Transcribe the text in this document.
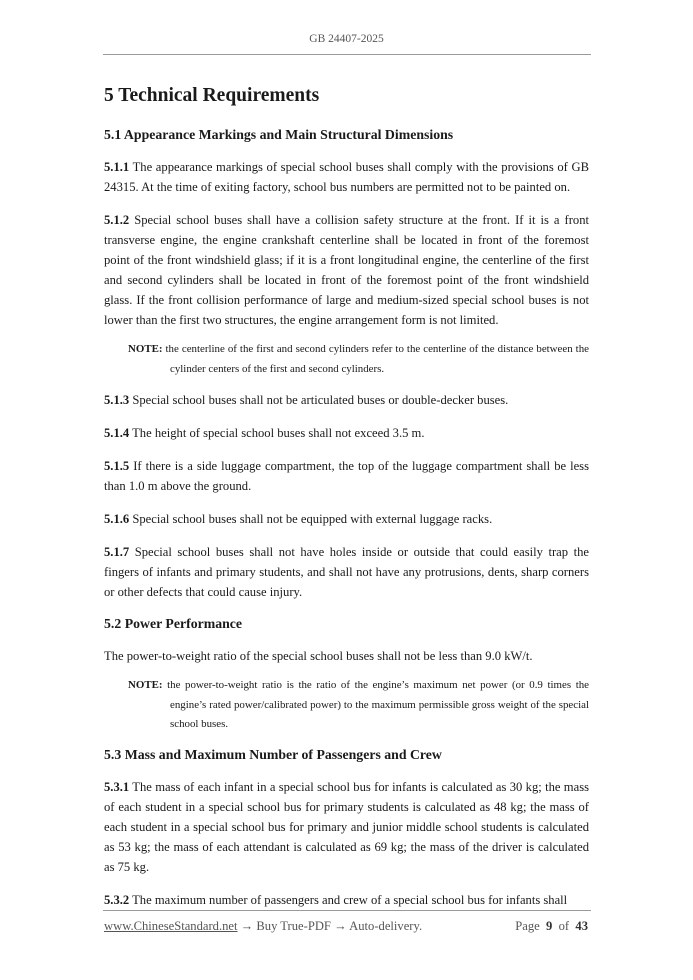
GB 24407-2025
5 Technical Requirements
5.1 Appearance Markings and Main Structural Dimensions

5.1.1 The appearance markings of special school buses shall comply with the provisions of GB 24315. At the time of exiting factory, school bus numbers are permitted not to be painted on.

5.1.2 Special school buses shall have a collision safety structure at the front. If it is a front transverse engine, the engine crankshaft centerline shall be located in front of the foremost point of the front windshield glass; if it is a front longitudinal engine, the centerline of the first and second cylinders shall be located in front of the foremost point of the front windshield glass. If the front collision performance of large and medium-sized special school buses is not lower than the first two structures, the engine arrangement form is not limited.

NOTE: the centerline of the first and second cylinders refer to the centerline of the distance between the cylinder centers of the first and second cylinders.

5.1.3 Special school buses shall not be articulated buses or double-decker buses.

5.1.4 The height of special school buses shall not exceed 3.5 m.

5.1.5 If there is a side luggage compartment, the top of the luggage compartment shall be less than 1.0 m above the ground.

5.1.6 Special school buses shall not be equipped with external luggage racks.

5.1.7 Special school buses shall not have holes inside or outside that could easily trap the fingers of infants and primary students, and shall not have any protrusions, dents, sharp corners or other defects that could cause injury.

5.2 Power Performance

The power-to-weight ratio of the special school buses shall not be less than 9.0 kW/t.

NOTE: the power-to-weight ratio is the ratio of the engine’s maximum net power (or 0.9 times the engine’s rated power/calibrated power) to the maximum permissible gross weight of the special school buses.
5.3 Mass and Maximum Number of Passengers and Crew

5.3.1 The mass of each infant in a special school bus for infants is calculated as 30 kg; the mass of each student in a special school bus for primary students is calculated as 48 kg; the mass of each student in a special school bus for primary and junior middle school students is calculated as 53 kg; the mass of each attendant is calculated as 69 kg; the mass of the driver is calculated as 75 kg.

5.3.2 The maximum number of passengers and crew of a special school bus for infants shall

www.ChineseStandard.net → Buy True-PDF → Auto-delivery.	Page 9 of 43
